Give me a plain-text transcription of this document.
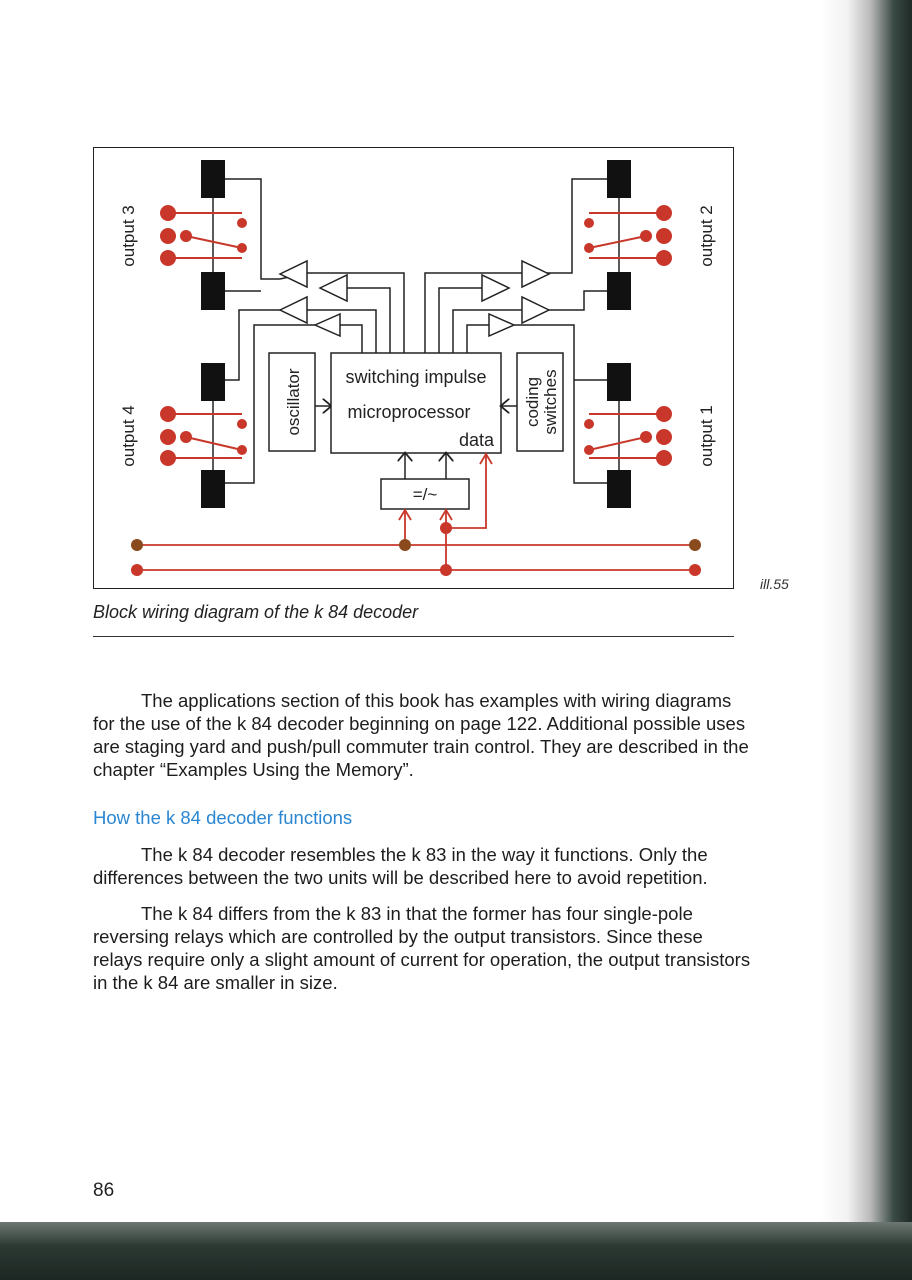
output 3
output 4
output 2
output 1
oscillator switching impulse
microprocessor
data
coding switches
=/~
ill.55
Block wiring diagram of the k 84 decoder

The applications section of this book has examples with wiring diagrams for the use of the k 84 decoder beginning on page 122. Additional possible uses are staging yard and push/pull commuter train control. They are described in the chapter “Examples Using the Memory”.

How the k 84 decoder functions

The k 84 decoder resembles the k 83 in the way it functions. Only the differences between the two units will be described here to avoid repetition.

The k 84 differs from the k 83 in that the former has four single-pole reversing relays which are controlled by the output transistors. Since these relays require only a slight amount of current for operation, the output transistors in the k 84 are smaller in size.

86
